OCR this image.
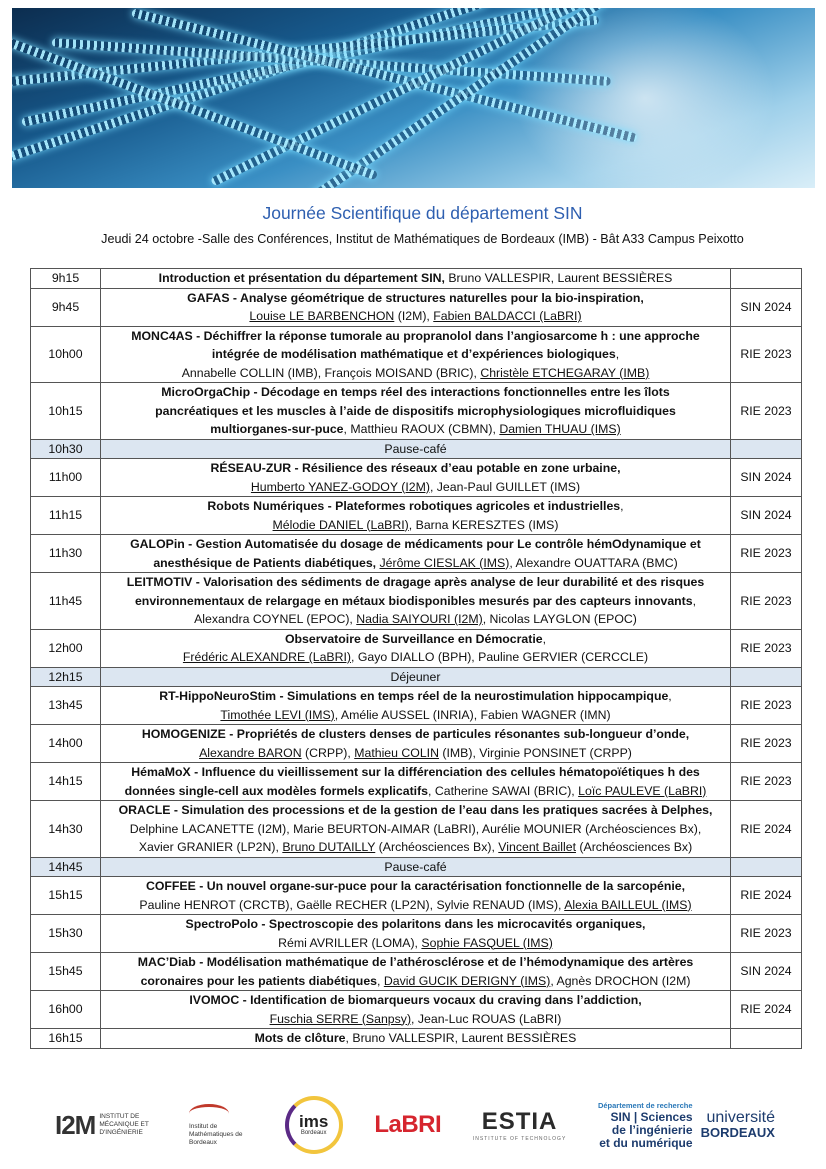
Journée Scientifique du département SIN
Jeudi 24 octobre -Salle des Conférences, Institut de Mathématiques de Bordeaux (IMB) - Bât A33 Campus Peixotto
9h15	Introduction et présentation du département SIN, Bruno VALLESPIR, Laurent BESSIÈRES	

9h45	GAFAS - Analyse géométrique de structures naturelles pour la bio-inspiration,
Louise LE BARBENCHON (I2M), Fabien BALDACCI (LaBRI)	SIN 2024
10h00	MONC4AS - Déchiffrer la réponse tumorale au propranolol dans l’angiosarcome h : une approche
intégrée de modélisation mathématique et d’expériences biologiques,
Annabelle COLLIN (IMB), François MOISAND (BRIC), Christèle ETCHEGARAY (IMB)	RIE 2023
10h15	MicroOrgaChip - Décodage en temps réel des interactions fonctionnelles entre les îlots
pancréatiques et les muscles à l’aide de dispositifs microphysiologiques microfluidiques
multiorganes-sur-puce, Matthieu RAOUX (CBMN), Damien THUAU (IMS)	RIE 2023
10h30	Pause-café	

11h00	RÉSEAU-ZUR - Résilience des réseaux d’eau potable en zone urbaine,
Humberto YANEZ-GODOY (I2M), Jean-Paul GUILLET (IMS)	SIN 2024
11h15	Robots Numériques - Plateformes robotiques agricoles et industrielles,
Mélodie DANIEL (LaBRI), Barna KERESZTES (IMS)	SIN 2024
11h30	GALOPin - Gestion Automatisée du dosage de médicaments pour Le contrôle hémOdynamique et
anesthésique de Patients diabétiques, Jérôme CIESLAK (IMS), Alexandre OUATTARA (BMC)	RIE 2023
11h45	LEITMOTIV - Valorisation des sédiments de dragage après analyse de leur durabilité et des risques
environnementaux de relargage en métaux biodisponibles mesurés par des capteurs innovants,
Alexandra COYNEL (EPOC), Nadia SAIYOURI (I2M), Nicolas LAYGLON (EPOC)	RIE 2023
12h00	Observatoire de Surveillance en Démocratie,
Frédéric ALEXANDRE (LaBRI), Gayo DIALLO (BPH), Pauline GERVIER (CERCCLE)	RIE 2023
12h15	Déjeuner	

13h45	RT-HippoNeuroStim - Simulations en temps réel de la neurostimulation hippocampique,
Timothée LEVI (IMS), Amélie AUSSEL (INRIA), Fabien WAGNER (IMN)	RIE 2023
14h00	HOMOGENIZE - Propriétés de clusters denses de particules résonantes sub-longueur d’onde,
Alexandre BARON (CRPP), Mathieu COLIN (IMB), Virginie PONSINET (CRPP)	RIE 2023
14h15	HémaMoX - Influence du vieillissement sur la différenciation des cellules hématopoïétiques h des
données single-cell aux modèles formels explicatifs, Catherine SAWAI (BRIC), Loïc PAULEVE (LaBRI)	RIE 2023
14h30	ORACLE - Simulation des processions et de la gestion de l’eau dans les pratiques sacrées à Delphes,
Delphine LACANETTE (I2M), Marie BEURTON-AIMAR (LaBRI), Aurélie MOUNIER (Archéosciences Bx),
Xavier GRANIER (LP2N), Bruno DUTAILLY (Archéosciences Bx), Vincent Baillet (Archéosciences Bx)	RIE 2024
14h45	Pause-café	

15h15	COFFEE - Un nouvel organe-sur-puce pour la caractérisation fonctionnelle de la sarcopénie,
Pauline HENROT (CRCTB), Gaëlle RECHER (LP2N), Sylvie RENAUD (IMS), Alexia BAILLEUL (IMS)	RIE 2024
15h30	SpectroPolo - Spectroscopie des polaritons dans les microcavités organiques,
Rémi AVRILLER (LOMA), Sophie FASQUEL (IMS)	RIE 2023
15h45	MAC’Diab - Modélisation mathématique de l’athérosclérose et de l’hémodynamique des artères
coronaires pour les patients diabétiques, David GUCIK DERIGNY (IMS), Agnès DROCHON (I2M)	SIN 2024
16h00	IVOMOC - Identification de biomarqueurs vocaux du craving dans l’addiction,
Fuschia SERRE (Sanpsy), Jean-Luc ROUAS (LaBRI)	RIE 2024
16h15	Mots de clôture, Bruno VALLESPIR, Laurent BESSIÈRES	

I2M INSTITUT DE MÉCANIQUE ET D'INGÉNIERIE
Institut de Mathématiques de Bordeaux
ims
Bordeaux LaBRI ESTIA
INSTITUTE OF TECHNOLOGY
Département de recherche
SIN | Sciences
de l’ingénierie
et du numérique
université
BORDEAUX
